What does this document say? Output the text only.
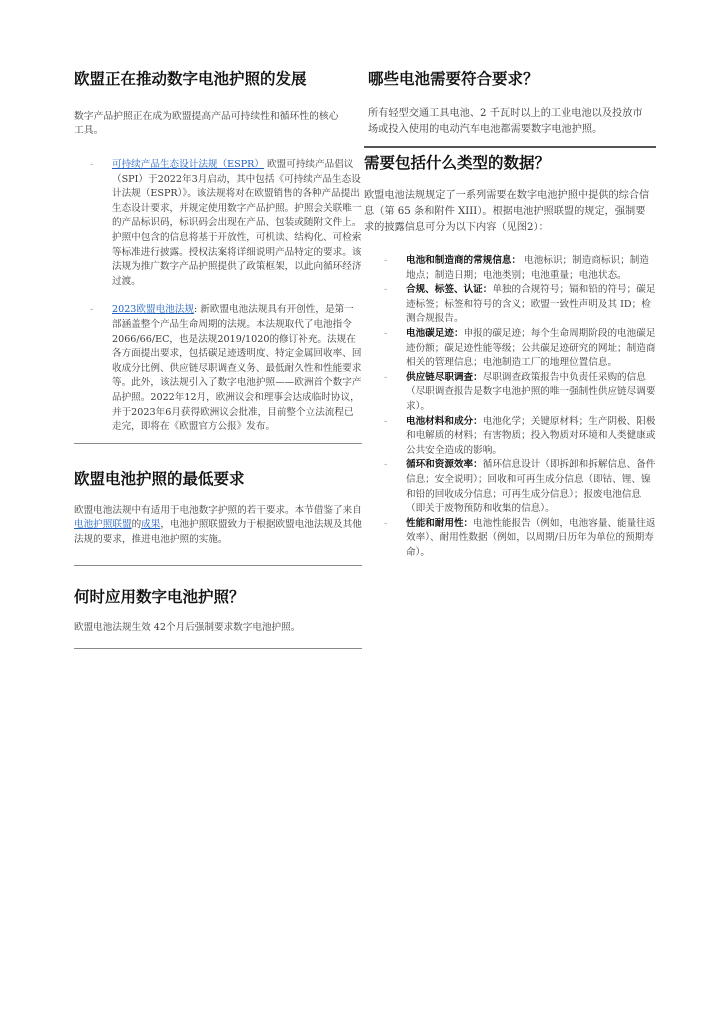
欧盟正在推动数字电池护照的发展

数字产品护照正在成为欧盟提高产品可持续性和循环性的核心工具。

- 可持续产品生态设计法规（ESPR） 欧盟可持续产品倡议（SPI）于2022年3月启动，其中包括《可持续产品生态设计法规（ESPR）》。该法规将对在欧盟销售的各种产品提出生态设计要求，并规定使用数字产品护照。护照会关联唯一的产品标识码，标识码会出现在产品、包装或随附文件上。护照中包含的信息将基于开放性，可机读、结构化、可检索等标准进行披露。授权法案将详细说明产品特定的要求。该法规为推广数字产品护照提供了政策框架，以此向循环经济过渡。
- 2023欧盟电池法规: 新欧盟电池法规具有开创性，是第一部涵盖整个产品生命周期的法规。本法规取代了电池指令2066/66/EC，也是法规2019/1020的修订补充。法规在各方面提出要求，包括碳足迹透明度、特定金属回收率、回收成分比例、供应链尽职调查义务、最低耐久性和性能要求等。此外，该法规引入了数字电池护照——欧洲首个数字产品护照。2022年12月，欧洲议会和理事会达成临时协议，并于2023年6月获得欧洲议会批准，目前整个立法流程已走完，即将在《欧盟官方公报》发布。
欧盟电池护照的最低要求

欧盟电池法规中有适用于电池数字护照的若干要求。本节借鉴了来自电池护照联盟的成果，电池护照联盟致力于根据欧盟电池法规及其他法规的要求，推进电池护照的实施。

何时应用数字电池护照？

欧盟电池法规生效 42个月后强制要求数字电池护照。

哪些电池需要符合要求？

所有轻型交通工具电池、2 千瓦时以上的工业电池以及投放市场或投入使用的电动汽车电池都需要数字电池护照。

需要包括什么类型的数据？

欧盟电池法规规定了一系列需要在数字电池护照中提供的综合信息（第 65 条和附件 XIII）。根据电池护照联盟的规定，强制要求的披露信息可分为以下内容（见图2）：

- 电池和制造商的常规信息： 电池标识；制造商标识；制造地点；制造日期；电池类别；电池重量；电池状态。
- 合规、标签、认证：单独的合规符号；镉和铅的符号；碳足迹标签；标签和符号的含义；欧盟一致性声明及其 ID；检测合规报告。
- 电池碳足迹：申报的碳足迹；每个生命周期阶段的电池碳足迹份额；碳足迹性能等级；公共碳足迹研究的网址；制造商相关的管理信息；电池制造工厂的地理位置信息。
- 供应链尽职调查：尽职调查政策报告中负责任采购的信息（尽职调查报告是数字电池护照的唯一强制性供应链尽调要求）。
- 电池材料和成分：电池化学；关键原材料；生产阴极、阳极和电解质的材料；有害物质；投入物质对环境和人类健康或公共安全造成的影响。
- 循环和资源效率：循环信息设计（即拆卸和拆解信息、备件信息；安全说明）；回收和可再生成分信息（即钴、锂、镍和铅的回收成分信息；可再生成分信息）；报废电池信息（即关于废物预防和收集的信息）。
- 性能和耐用性：电池性能报告（例如，电池容量、能量往返效率）、耐用性数据（例如，以周期/日历年为单位的预期寿命）。
